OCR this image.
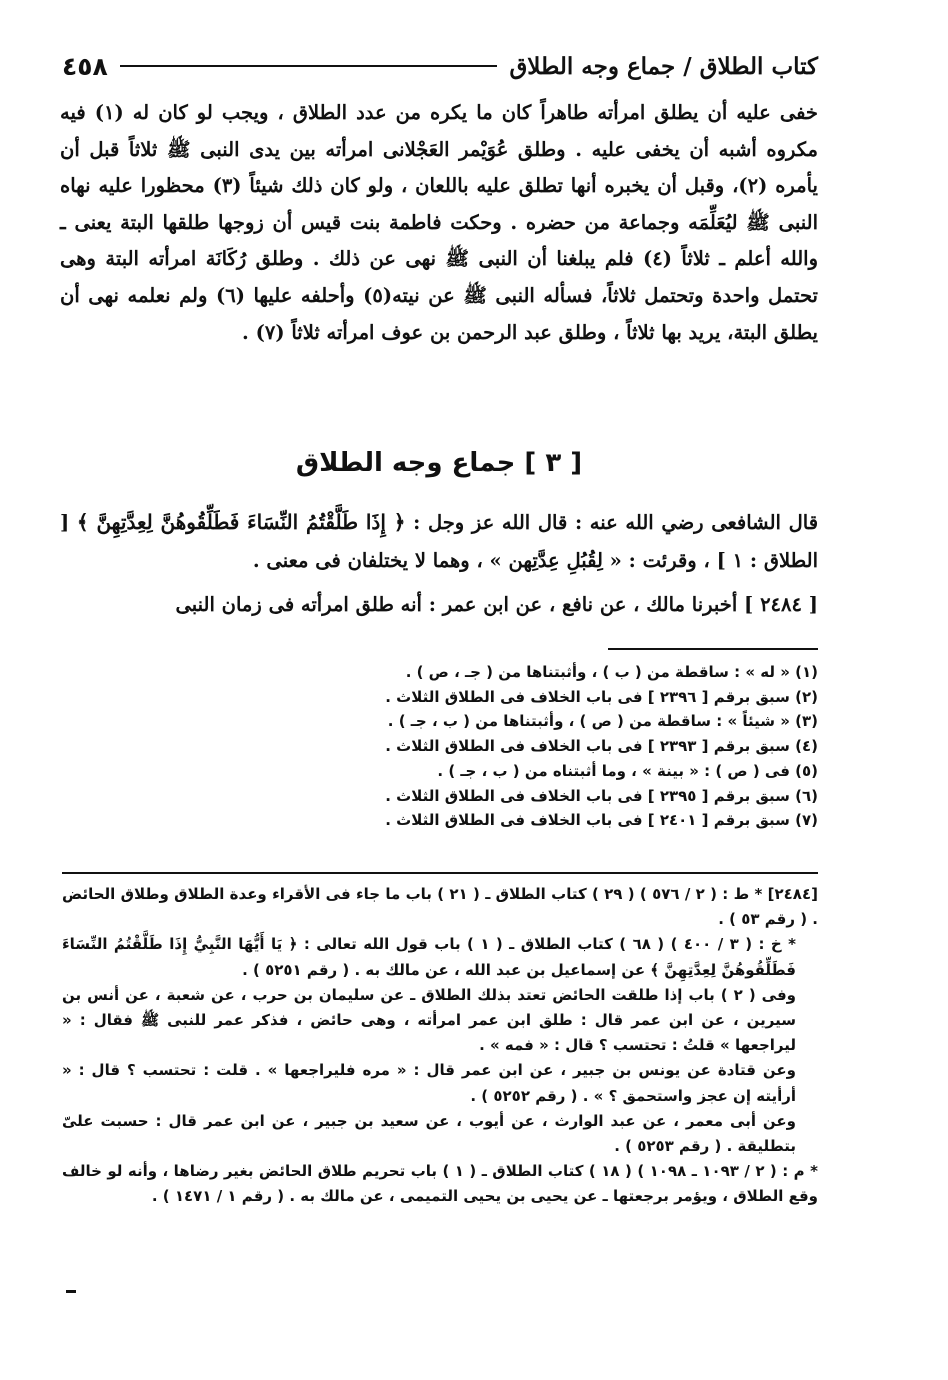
كتاب الطلاق / جماع وجه الطلاق
٤٥٨

خفى عليه أن يطلق امرأته طاهراً كان ما يكره من عدد الطلاق ، ويجب لو كان له (١) فيه مكروه أشبه أن يخفى عليه . وطلق عُوَيْمر العَجْلانى امرأته بين يدى النبى ﷺ ثلاثاً قبل أن يأمره (٢)، وقبل أن يخبره أنها تطلق عليه باللعان ، ولو كان ذلك شيئاً (٣) محظورا عليه نهاه النبى ﷺ ليُعَلِّمَه وجماعة من حضره . وحكت فاطمة بنت قيس أن زوجها طلقها البتة يعنى ـ والله أعلم ـ ثلاثاً (٤) فلم يبلغنا أن النبى ﷺ نهى عن ذلك . وطلق رُكَانَة امرأته البتة وهى تحتمل واحدة وتحتمل ثلاثاً، فسأله النبى ﷺ عن نيته(٥) وأحلفه عليها (٦) ولم نعلمه نهى أن يطلق البتة، يريد بها ثلاثاً ، وطلق عبد الرحمن بن عوف امرأته ثلاثاً (٧) .

[ ٣ ] جماع وجه الطلاق
قال الشافعى رضي الله عنه : قال الله عز وجل : ﴿ إِذَا طَلَّقْتُمُ النِّسَاءَ فَطَلِّقُوهُنَّ لِعِدَّتِهِنَّ ﴾ [ الطلاق : ١ ] ، وقرئت : « لِقُبُلِ عِدَّتِهن » ، وهما لا يختلفان فى معنى .
[ ٢٤٨٤ ] أخبرنا مالك ، عن نافع ، عن ابن عمر : أنه طلق امرأته فى زمان النبى
(١) « له » : ساقطة من ( ب ) ، وأثبتناها من ( جـ ، ص ) .
(٢) سبق برقم [ ٢٣٩٦ ] فى باب الخلاف فى الطلاق الثلاث .
(٣) « شيئاً » : ساقطة من ( ص ) ، وأثبتناها من ( ب ، جـ ) .
(٤) سبق برقم [ ٢٣٩٣ ] فى باب الخلاف فى الطلاق الثلاث .
(٥) فى ( ص ) : « بينة » ، وما أثبتناه من ( ب ، جـ ) .
(٦) سبق برقم [ ٢٣٩٥ ] فى باب الخلاف فى الطلاق الثلاث .
(٧) سبق برقم [ ٢٤٠١ ] فى باب الخلاف فى الطلاق الثلاث .
[٢٤٨٤] * ط : ( ٢ / ٥٧٦ ) ( ٢٩ ) كتاب الطلاق ـ ( ٢١ ) باب ما جاء فى الأقراء وعدة الطلاق وطلاق الحائض . ( رقم ٥٣ ) .
* خ : ( ٣ / ٤٠٠ ) ( ٦٨ ) كتاب الطلاق ـ ( ١ ) باب قول الله تعالى : ﴿ يَا أَيُّهَا النَّبِيُّ إِذَا طَلَّقْتُمُ النِّسَاءَ فَطَلِّقُوهُنَّ لِعِدَّتِهِنَّ ﴾ عن إسماعيل بن عبد الله ، عن مالك به . ( رقم ٥٢٥١ ) .
وفى ( ٢ ) باب إذا طلقت الحائض تعتد بذلك الطلاق ـ عن سليمان بن حرب ، عن شعبة ، عن أنس بن سيرين ، عن ابن عمر قال : طلق ابن عمر امرأته ، وهى حائض ، فذكر عمر للنبى ﷺ فقال : « ليراجعها » قلتُ : تحتسب ؟ قال : « فمه » .
وعن قتادة عن يونس بن جبير ، عن ابن عمر قال : « مره فليراجعها » . قلت : تحتسب ؟ قال : « أرأيته إن عجز واستحمق ؟ » . ( رقم ٥٢٥٢ ) .
وعن أبى معمر ، عن عبد الوارث ، عن أيوب ، عن سعيد بن جبير ، عن ابن عمر قال : حسبت علىّ بتطليقة . ( رقم ٥٢٥٣ ) .
* م : ( ٢ / ١٠٩٣ ـ ١٠٩٨ ) ( ١٨ ) كتاب الطلاق ـ ( ١ ) باب تحريم طلاق الحائض بغير رضاها ، وأنه لو خالف وقع الطلاق ، ويؤمر برجعتها ـ عن يحيى بن يحيى التميمى ، عن مالك به . ( رقم ١ / ١٤٧١ ) .
